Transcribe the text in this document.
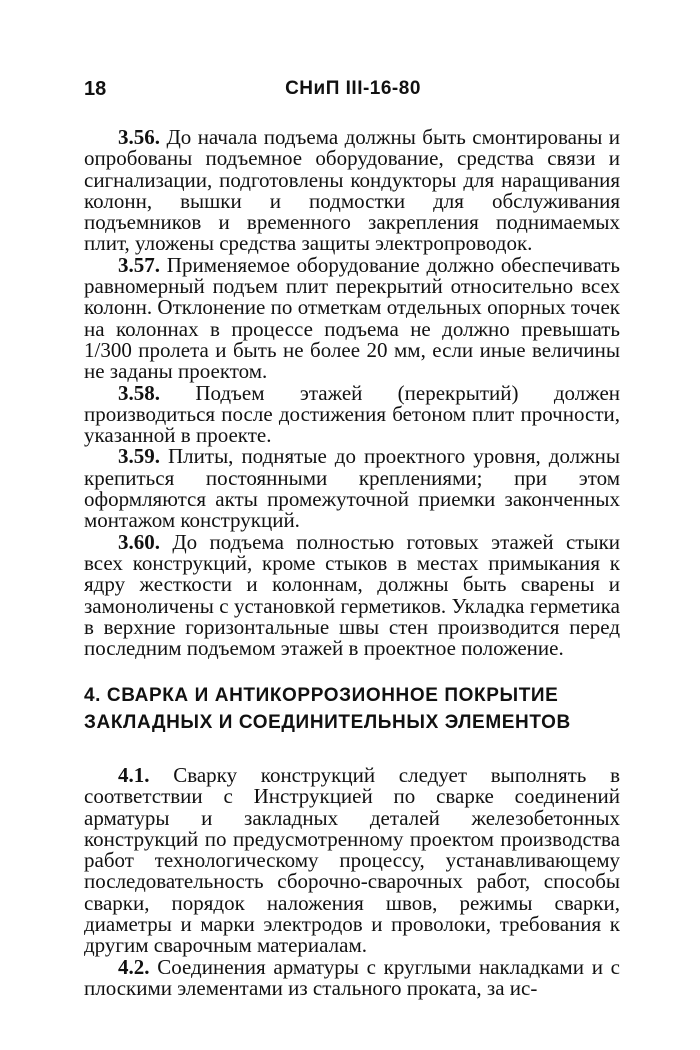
18	СНиП III-16-80

3.56. До начала подъема должны быть смонтированы и опробованы подъемное оборудование, средства связи и сигнализации, подготовлены кондукторы для наращивания колонн, вышки и подмостки для обслуживания подъемников и временного закрепления поднимаемых плит, уложены средства защиты электропроводок.

3.57. Применяемое оборудование должно обеспечивать равномерный подъем плит перекрытий относительно всех колонн. Отклонение по отметкам отдельных опорных точек на колоннах в процессе подъема не должно превышать 1/300 пролета и быть не более 20 мм, если иные величины не заданы проектом.

3.58. Подъем этажей (перекрытий) должен производиться после достижения бетоном плит прочности, указанной в проекте.

3.59. Плиты, поднятые до проектного уровня, должны крепиться постоянными креплениями; при этом оформляются акты промежуточной приемки законченных монтажом конструкций.

3.60. До подъема полностью готовых этажей стыки всех конструкций, кроме стыков в местах примыкания к ядру жесткости и колоннам, должны быть сварены и замоноличены с установкой герметиков. Укладка герметика в верхние горизонтальные швы стен производится перед последним подъемом этажей в проектное положение.

4. СВАРКА И АНТИКОРРОЗИОННОЕ ПОКРЫТИЕ
ЗАКЛАДНЫХ И СОЕДИНИТЕЛЬНЫХ ЭЛЕМЕНТОВ

4.1. Сварку конструкций следует выполнять в соответствии с Инструкцией по сварке соединений арматуры и закладных деталей железобетонных конструкций по предусмотренному проектом производства работ технологическому процессу, устанавливающему последовательность сборочно-сварочных работ, способы сварки, порядок наложения швов, режимы сварки, диаметры и марки электродов и проволоки, требования к другим сварочным материалам.

4.2. Соединения арматуры с круглыми накладками и с плоскими элементами из стального проката, за ис-
